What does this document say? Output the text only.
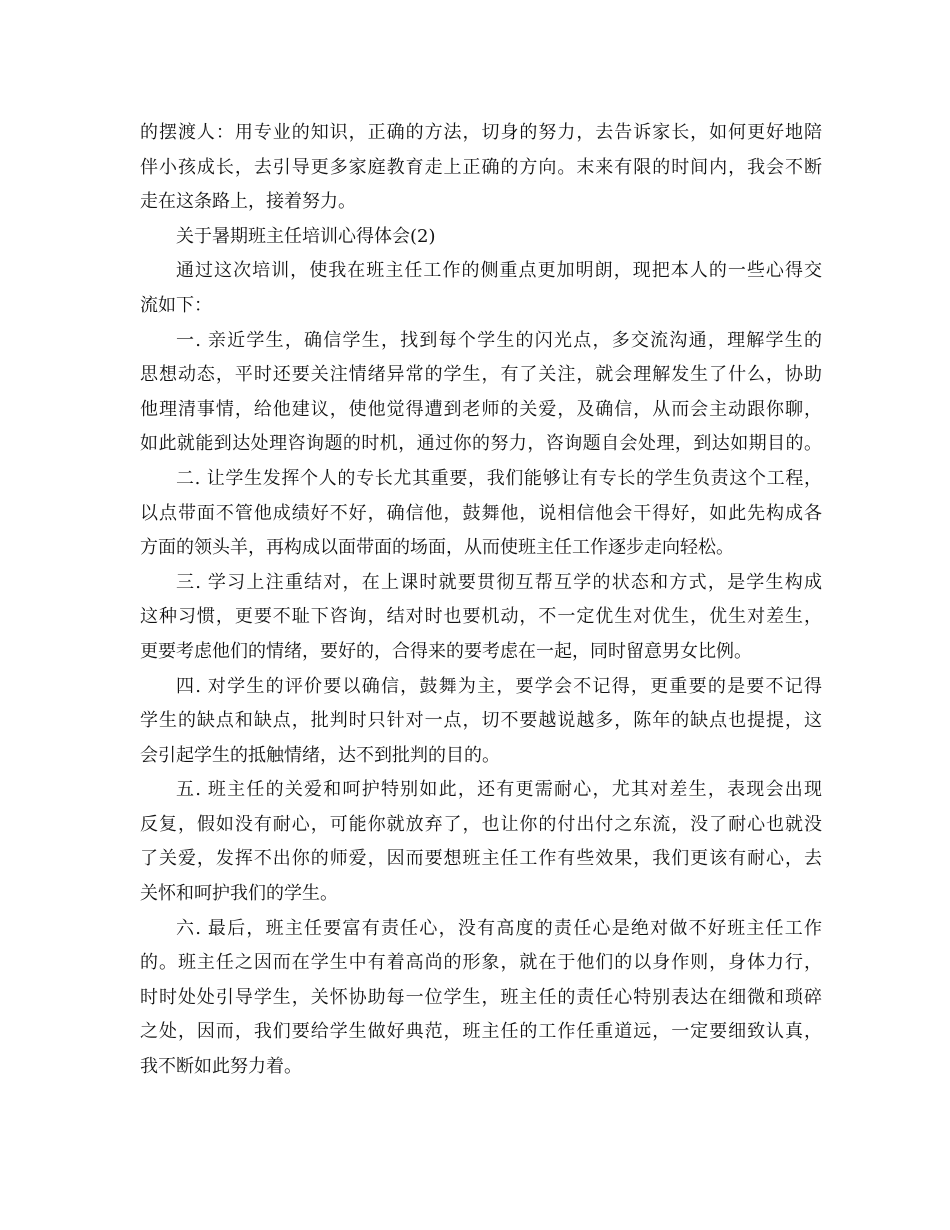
的摆渡人：用专业的知识，正确的方法，切身的努力，去告诉家长，如何更好地陪
伴小孩成长，去引导更多家庭教育走上正确的方向。末来有限的时间内，我会不断
走在这条路上，接着努力。
关于暑期班主任培训心得体会(2)
通过这次培训，使我在班主任工作的侧重点更加明朗，现把本人的一些心得交
流如下：
一. 亲近学生，确信学生，找到每个学生的闪光点，多交流沟通，理解学生的
思想动态，平时还要关注情绪异常的学生，有了关注，就会理解发生了什么，协助
他理清事情，给他建议，使他觉得遭到老师的关爱，及确信，从而会主动跟你聊，
如此就能到达处理咨询题的时机，通过你的努力，咨询题自会处理，到达如期目的。
二. 让学生发挥个人的专长尤其重要，我们能够让有专长的学生负责这个工程，
以点带面不管他成绩好不好，确信他，鼓舞他，说相信他会干得好，如此先构成各
方面的领头羊，再构成以面带面的场面，从而使班主任工作逐步走向轻松。
三. 学习上注重结对，在上课时就要贯彻互帮互学的状态和方式，是学生构成
这种习惯，更要不耻下咨询，结对时也要机动，不一定优生对优生，优生对差生，
更要考虑他们的情绪，要好的，合得来的要考虑在一起，同时留意男女比例。
四. 对学生的评价要以确信，鼓舞为主，要学会不记得，更重要的是要不记得
学生的缺点和缺点，批判时只针对一点，切不要越说越多，陈年的缺点也提提，这
会引起学生的抵触情绪，达不到批判的目的。
五. 班主任的关爱和呵护特别如此，还有更需耐心，尤其对差生，表现会出现
反复，假如没有耐心，可能你就放弃了，也让你的付出付之东流，没了耐心也就没
了关爱，发挥不出你的师爱，因而要想班主任工作有些效果，我们更该有耐心，去
关怀和呵护我们的学生。
六. 最后，班主任要富有责任心，没有高度的责任心是绝对做不好班主任工作
的。班主任之因而在学生中有着高尚的形象，就在于他们的以身作则，身体力行，
时时处处引导学生，关怀协助每一位学生，班主任的责任心特别表达在细微和琐碎
之处，因而，我们要给学生做好典范，班主任的工作任重道远，一定要细致认真，
我不断如此努力着。
